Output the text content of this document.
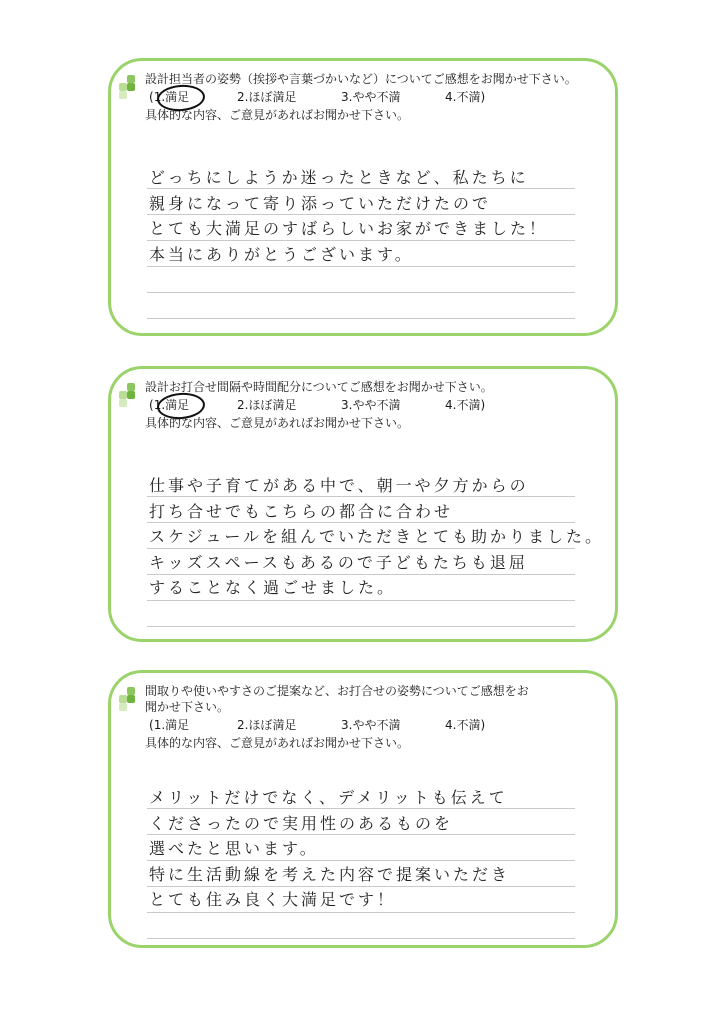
設計担当者の姿勢（挨拶や言葉づかいなど）についてご感想をお聞かせ下さい。
(1.満足	2.ほぼ満足	3.やや不満	4.不満)
具体的な内容、ご意見があればお聞かせ下さい。
どっちにしようか迷ったときなど、私たちに
親身になって寄り添っていただけたので
とても大満足のすばらしいお家ができました！
本当にありがとうございます。
設計お打合せ間隔や時間配分についてご感想をお聞かせ下さい。
(1.満足	2.ほぼ満足	3.やや不満	4.不満)
具体的な内容、ご意見があればお聞かせ下さい。
仕事や子育てがある中で、朝一や夕方からの
打ち合せでもこちらの都合に合わせ
スケジュールを組んでいただきとても助かりました。
キッズスペースもあるので子どもたちも退屈
することなく過ごせました。
間取りや使いやすさのご提案など、お打合せの姿勢についてご感想をお
聞かせ下さい。
(1.満足	2.ほぼ満足	3.やや不満	4.不満)
具体的な内容、ご意見があればお聞かせ下さい。
メリットだけでなく、デメリットも伝えて
くださったので実用性のあるものを
選べたと思います。
特に生活動線を考えた内容で提案いただき
とても住み良く大満足です！
